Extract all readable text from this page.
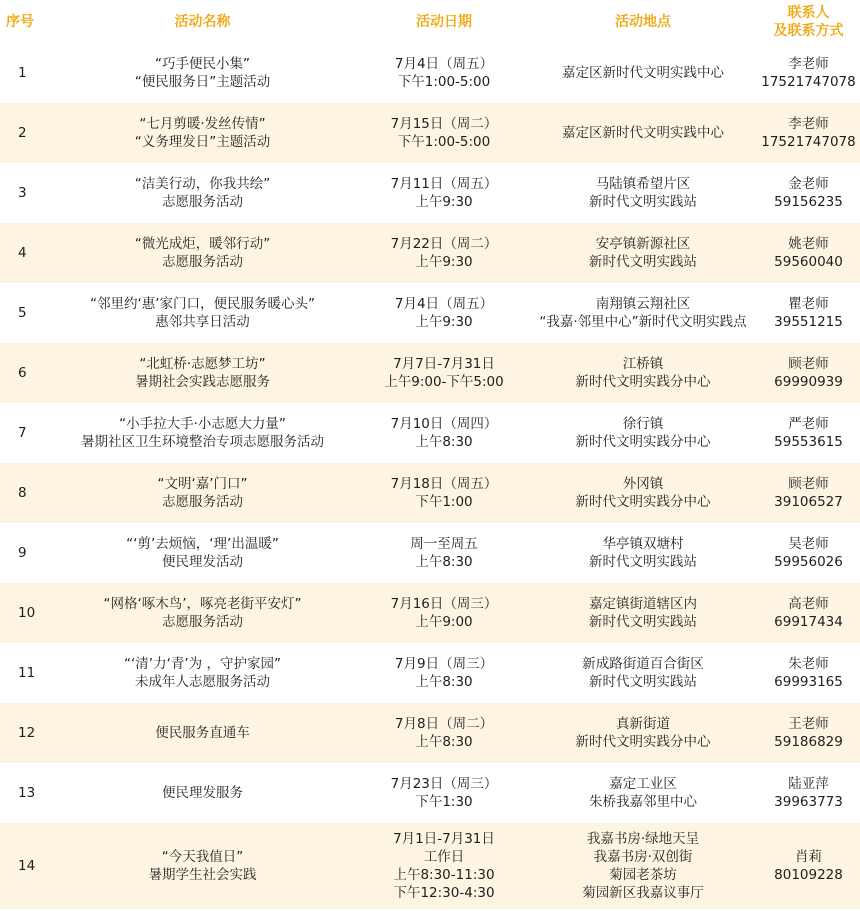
序号	活动名称	活动日期	活动地点	联系人
及联系方式

1	“巧手便民小集”
“便民服务日”主题活动	7月4日（周五）
下午1:00-5:00	嘉定区新时代文明实践中心	李老师
17521747078

2	“七月剪暖·发丝传情”
“义务理发日”主题活动	7月15日（周二）
下午1:00-5:00	嘉定区新时代文明实践中心	李老师
17521747078

3	“洁美行动，你我共绘”
志愿服务活动	7月11日（周五）
上午9:30	马陆镇希望片区
新时代文明实践站	金老师
59156235

4	“微光成炬，暖邻行动”
志愿服务活动	7月22日（周二）
上午9:30	安亭镇新源社区
新时代文明实践站	姚老师
59560040

5	“邻里约‘惠’家门口，便民服务暖心头”
惠邻共享日活动	7月4日（周五）
上午9:30	南翔镇云翔社区
“我嘉·邻里中心”新时代文明实践点	瞿老师
39551215

6	“北虹桥·志愿梦工坊”
暑期社会实践志愿服务	7月7日-7月31日
上午9:00-下午5:00	江桥镇
新时代文明实践分中心	顾老师
69990939

7	“小手拉大手·小志愿大力量”
暑期社区卫生环境整治专项志愿服务活动	7月10日（周四）
上午8:30	徐行镇
新时代文明实践分中心	严老师
59553615

8	“文明‘嘉’门口”
志愿服务活动	7月18日（周五）
下午1:00	外冈镇
新时代文明实践分中心	顾老师
39106527

9	“‘剪’去烦恼，‘理’出温暖”
便民理发活动	周一至周五
上午8:30	华亭镇双塘村
新时代文明实践站	吴老师
59956026

10	“网格‘啄木鸟’，啄亮老街平安灯”
志愿服务活动	7月16日（周三）
上午9:00	嘉定镇街道辖区内
新时代文明实践站	高老师
69917434

11	“‘清’力‘青’为 ，守护家园”
未成年人志愿服务活动	7月9日（周三）
上午8:30	新成路街道百合街区
新时代文明实践站	朱老师
69993165

12	便民服务直通车	7月8日（周二）
上午8:30	真新街道
新时代文明实践分中心	王老师
59186829

13	便民理发服务	7月23日（周三）
下午1:30	嘉定工业区
朱桥我嘉邻里中心	陆亚萍
39963773

14	“今天我值日”
暑期学生社会实践	7月1日-7月31日
工作日
上午8:30-11:30
下午12:30-4:30	我嘉书房·绿地天呈
我嘉书房·双创街
菊园老茶坊
菊园新区我嘉议事厅	肖莉
80109228
